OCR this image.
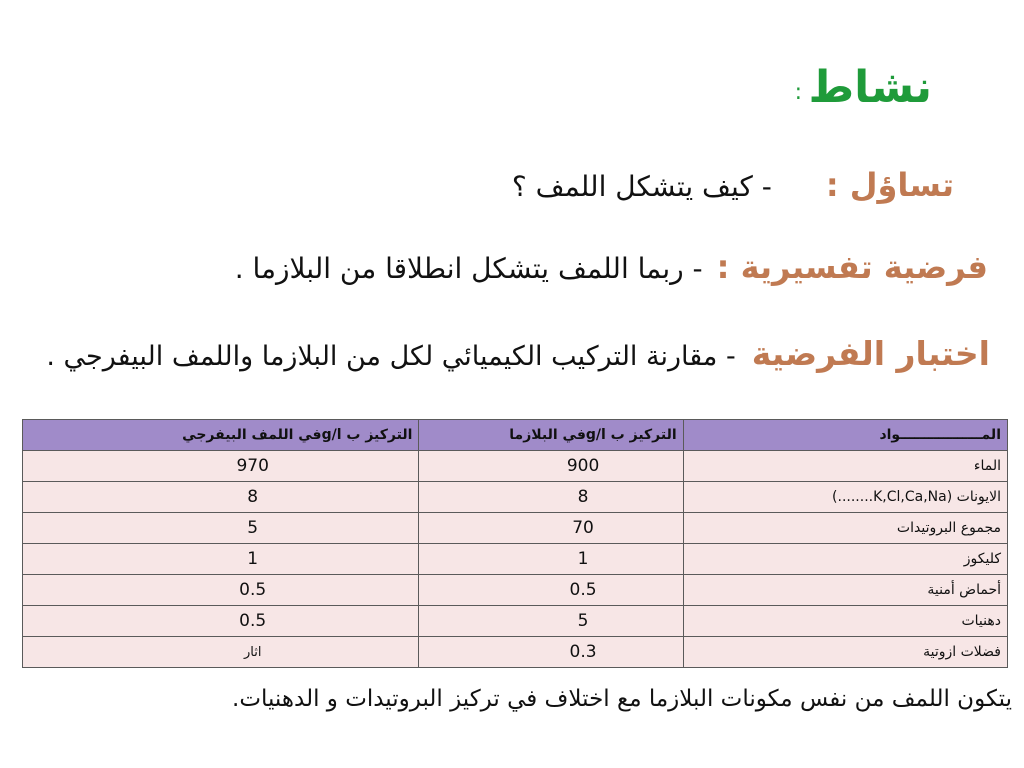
نشاط
:
تساؤل :- كيف يتشكل اللمف ؟
فرضية تفسيرية :- ربما اللمف يتشكل انطلاقا من البلازما .
اختبار الفرضية- مقارنة التركيب الكيميائي لكل من البلازما واللمف البيفرجي .
المـــــــــــــــــواد	التركيز ب g/lفي البلازما	التركيز ب g/lفي اللمف البيفرجي
الماء	900	970
الايونات (K,Cl,Ca,Na........)	8	8
مجموع البروتيدات	70	5
كليكوز	1	1
أحماض أمنية	0.5	0.5
دهنيات	5	0.5
فضلات ازوتية	0.3	اثار
يتكون اللمف من نفس مكونات البلازما مع اختلاف في تركيز البروتيدات و الدهنيات.
